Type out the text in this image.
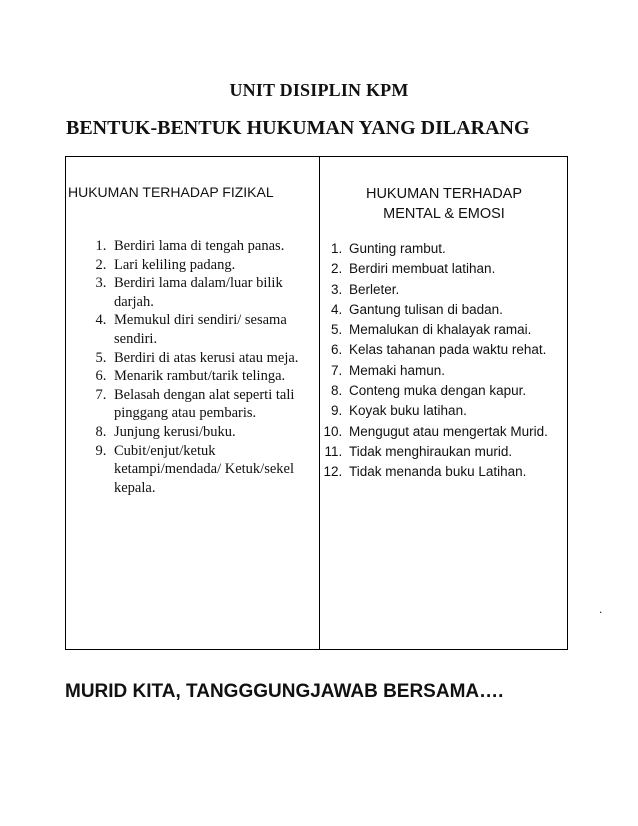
UNIT DISIPLIN KPM
BENTUK-BENTUK HUKUMAN YANG DILARANG
HUKUMAN TERHADAP FIZIKAL
1. Berdiri lama di tengah panas.
2. Lari keliling padang.
3. Berdiri lama dalam/luar bilik darjah.
4. Memukul diri sendiri/ sesama sendiri.
5. Berdiri di atas kerusi atau meja.
6. Menarik rambut/tarik telinga.
7. Belasah dengan alat seperti tali pinggang atau pembaris.
8. Junjung kerusi/buku.
9. Cubit/enjut/ketuk ketampi/mendada/ Ketuk/sekel kepala.
HUKUMAN TERHADAP
MENTAL & EMOSI
1. Gunting rambut.
2. Berdiri membuat latihan.
3. Berleter.
4. Gantung tulisan di badan.
5. Memalukan di khalayak ramai.
6. Kelas tahanan pada waktu rehat.
7. Memaki hamun.
8. Conteng muka dengan kapur.
9. Koyak buku latihan.
10. Mengugut atau mengertak Murid.
11. Tidak menghiraukan murid.
12. Tidak menanda buku Latihan.
.
MURID KITA, TANGGGUNGJAWAB BERSAMA….
